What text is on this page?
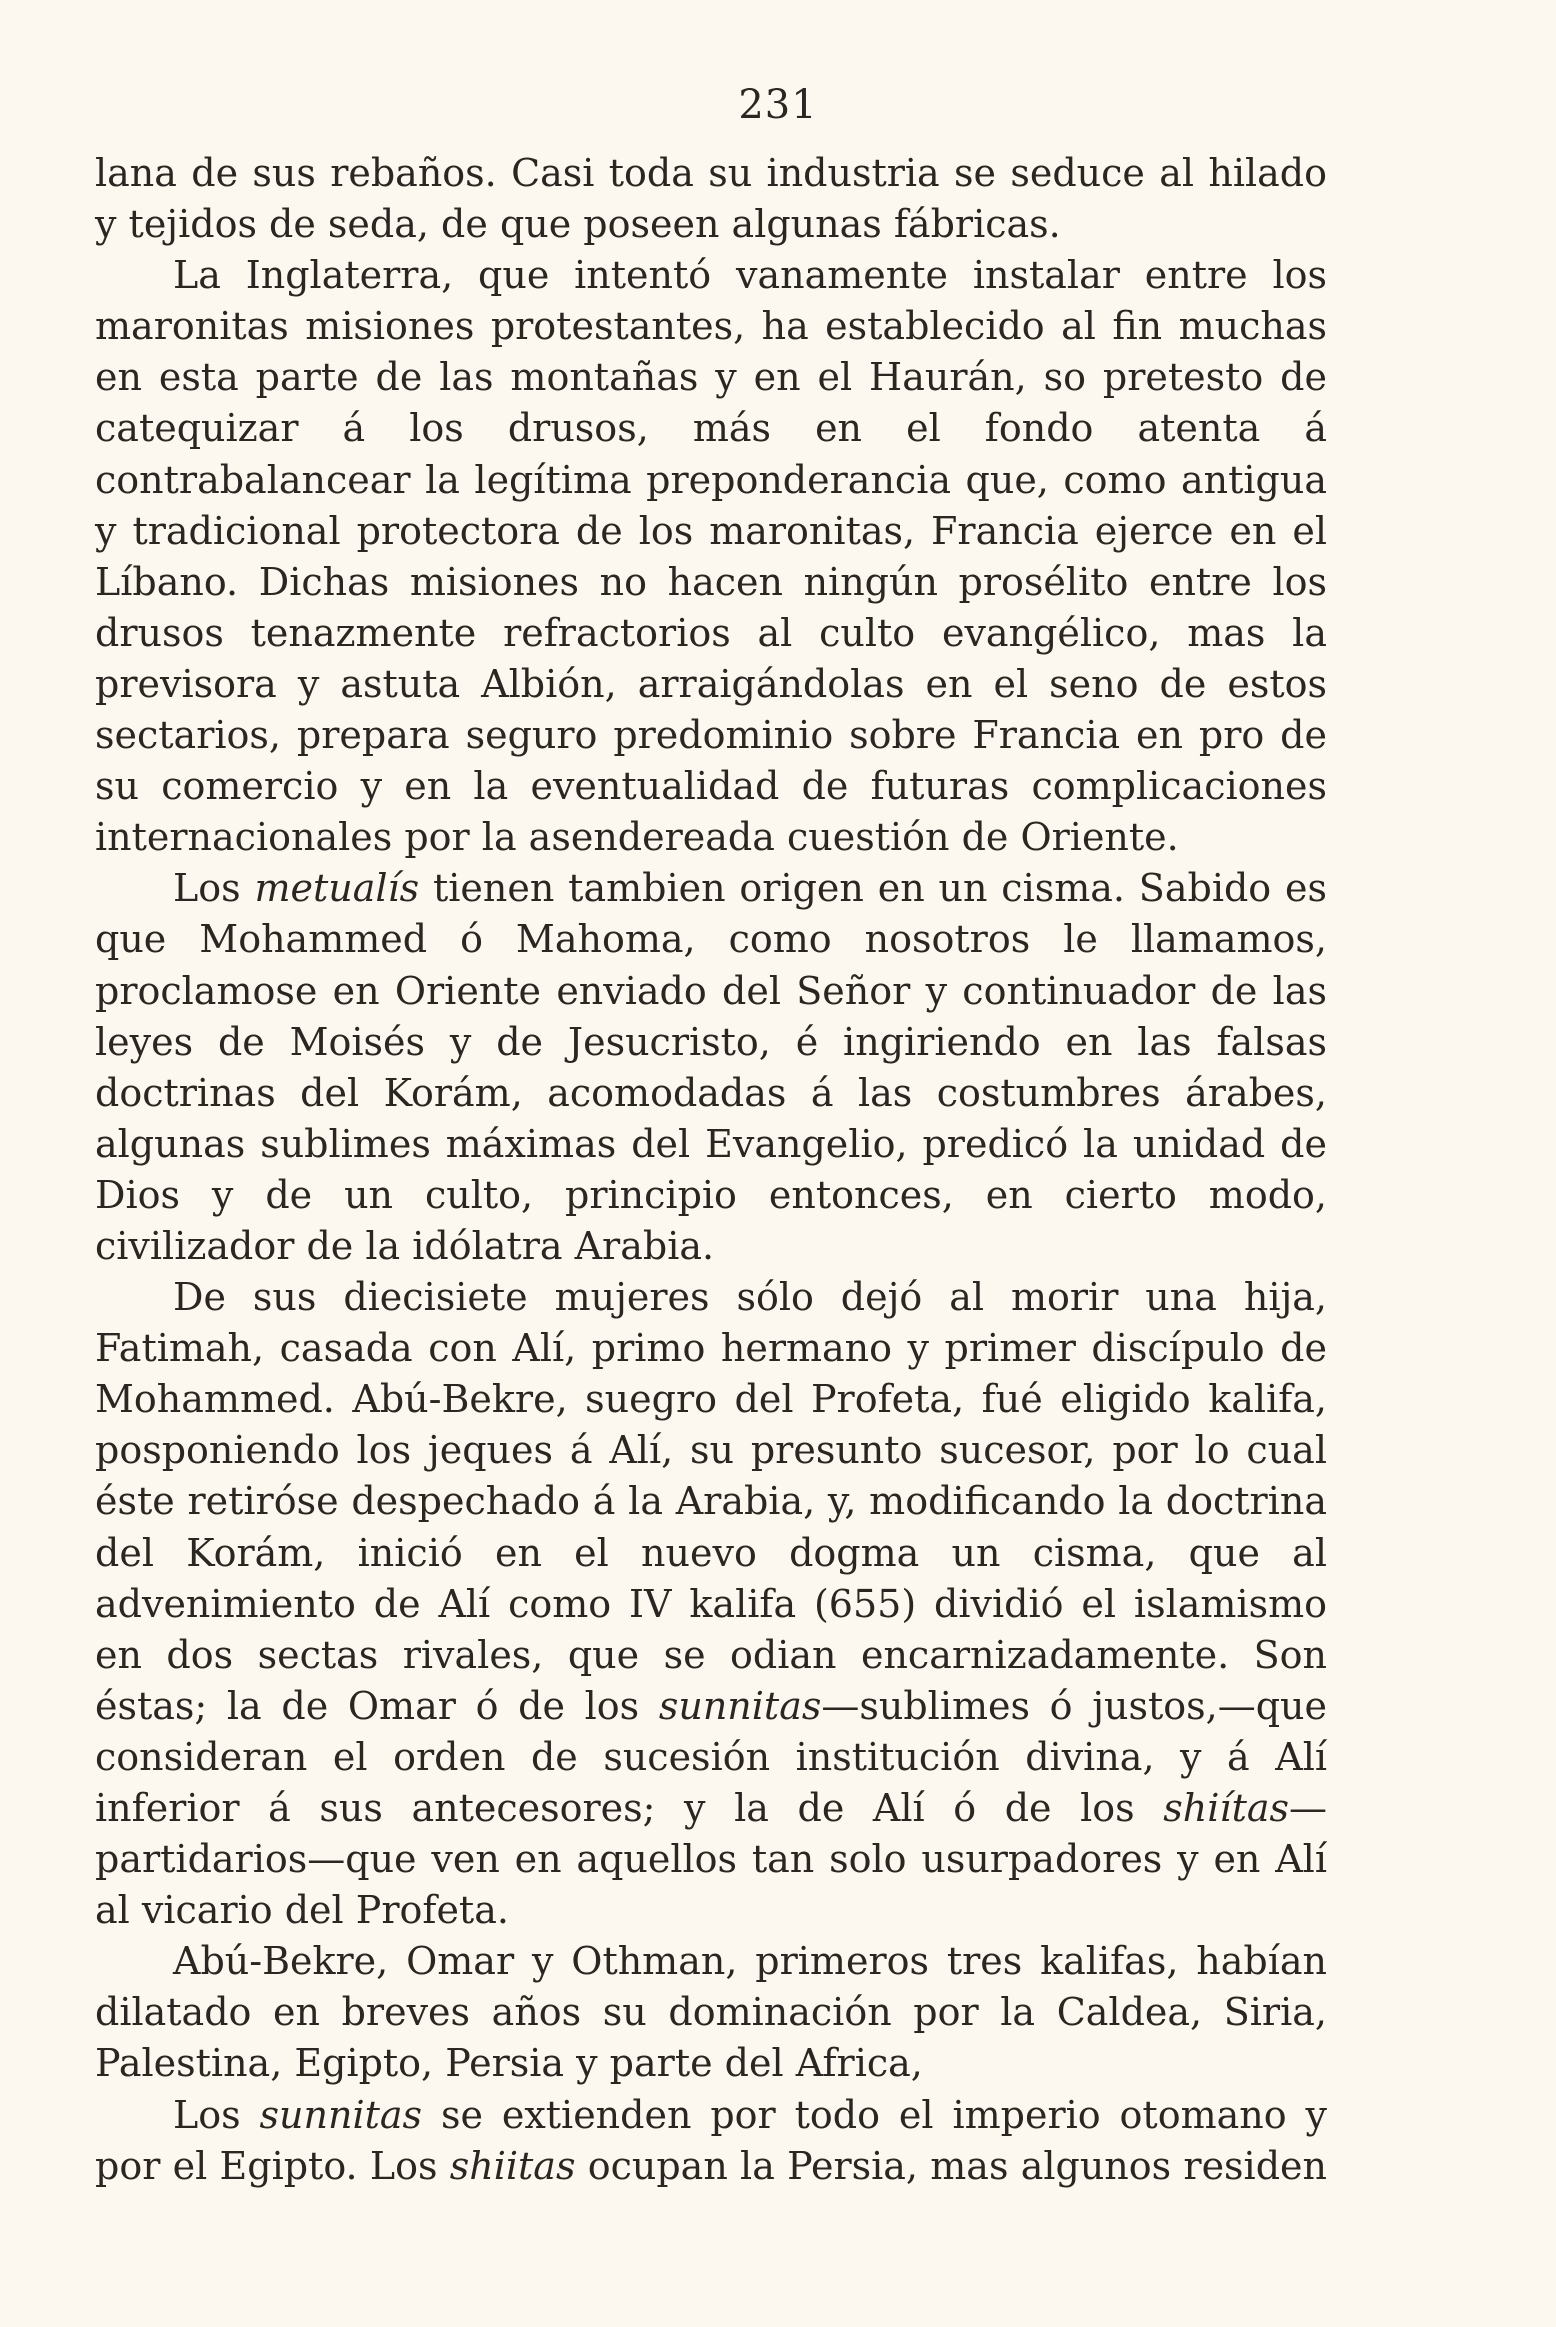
231

lana de sus rebaños. Casi toda su industria se seduce al hilado y tejidos de seda, de que poseen algunas fábricas.

La Inglaterra, que intentó vanamente instalar entre los maronitas misiones protestantes, ha establecido al fin muchas en esta parte de las montañas y en el Haurán, so pretesto de catequizar á los drusos, más en el fondo atenta á contrabalancear la legítima preponderancia que, como antigua y tradicional protectora de los maronitas, Francia ejerce en el Líbano. Dichas misiones no hacen ningún prosélito entre los drusos tenazmente refractorios al culto evangélico, mas la previsora y astuta Albión, arraigándolas en el seno de estos sectarios, prepara seguro predominio sobre Francia en pro de su comercio y en la eventualidad de futuras complicaciones internacionales por la asendereada cuestión de Oriente.

Los metualís tienen tambien origen en un cisma. Sabido es que Mohammed ó Mahoma, como nosotros le llamamos, proclamose en Oriente enviado del Señor y continuador de las leyes de Moisés y de Jesucristo, é ingiriendo en las falsas doctrinas del Korám, acomodadas á las costumbres árabes, algunas sublimes máximas del Evangelio, predicó la unidad de Dios y de un culto, principio entonces, en cierto modo, civilizador de la idólatra Arabia.

De sus diecisiete mujeres sólo dejó al morir una hija, Fatimah, casada con Alí, primo hermano y primer discípulo de Mohammed. Abú-Bekre, suegro del Profeta, fué eligido kalifa, posponiendo los jeques á Alí, su presunto sucesor, por lo cual éste retiróse despechado á la Arabia, y, modificando la doctrina del Korám, inició en el nuevo dogma un cisma, que al advenimiento de Alí como IV kalifa (655) dividió el islamismo en dos sectas rivales, que se odian encarnizadamente. Son éstas; la de Omar ó de los sunnitas—sublimes ó justos,—que consideran el orden de sucesión institución divina, y á Alí inferior á sus antecesores; y la de Alí ó de los shiítas—partidarios—que ven en aquellos tan solo usurpadores y en Alí al vicario del Profeta.

Abú-Bekre, Omar y Othman, primeros tres kalifas, habían dilatado en breves años su dominación por la Caldea, Siria, Palestina, Egipto, Persia y parte del Africa,

Los sunnitas se extienden por todo el imperio otomano y por el Egipto. Los shiitas ocupan la Persia, mas algunos residen
